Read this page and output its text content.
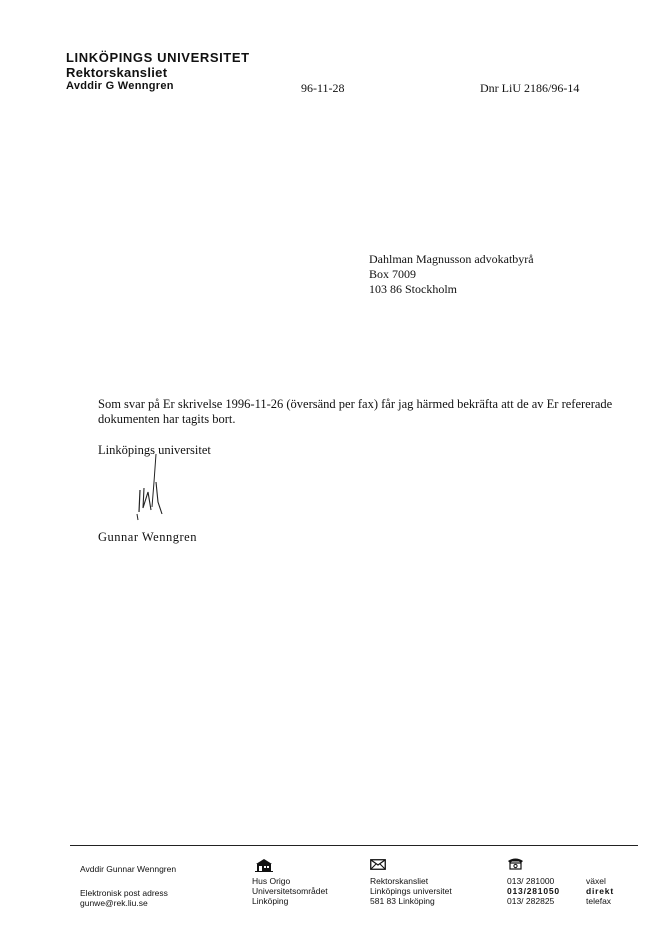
LINKÖPINGS UNIVERSITET
Rektorskansliet
Avddir G Wenngren	96-11-28	Dnr LiU 2186/96-14
Dahlman Magnusson advokatbyrå
Box 7009
103 86 Stockholm
Som svar på Er skrivelse 1996-11-26 (översänd per fax) får jag härmed bekräfta att de av Er refererade dokumenten har tagits bort.
Linköpings universitet
Gunnar Wenngren
Avddir Gunnar Wenngren
Elektronisk post adress
gunwe@rek.liu.se
Hus Origo
Universitetsområdet
Linköping
Rektorskansliet
Linköpings universitet
581 83 Linköping
013/ 281000
013/281050
013/ 282825
växel
direkt
telefax
